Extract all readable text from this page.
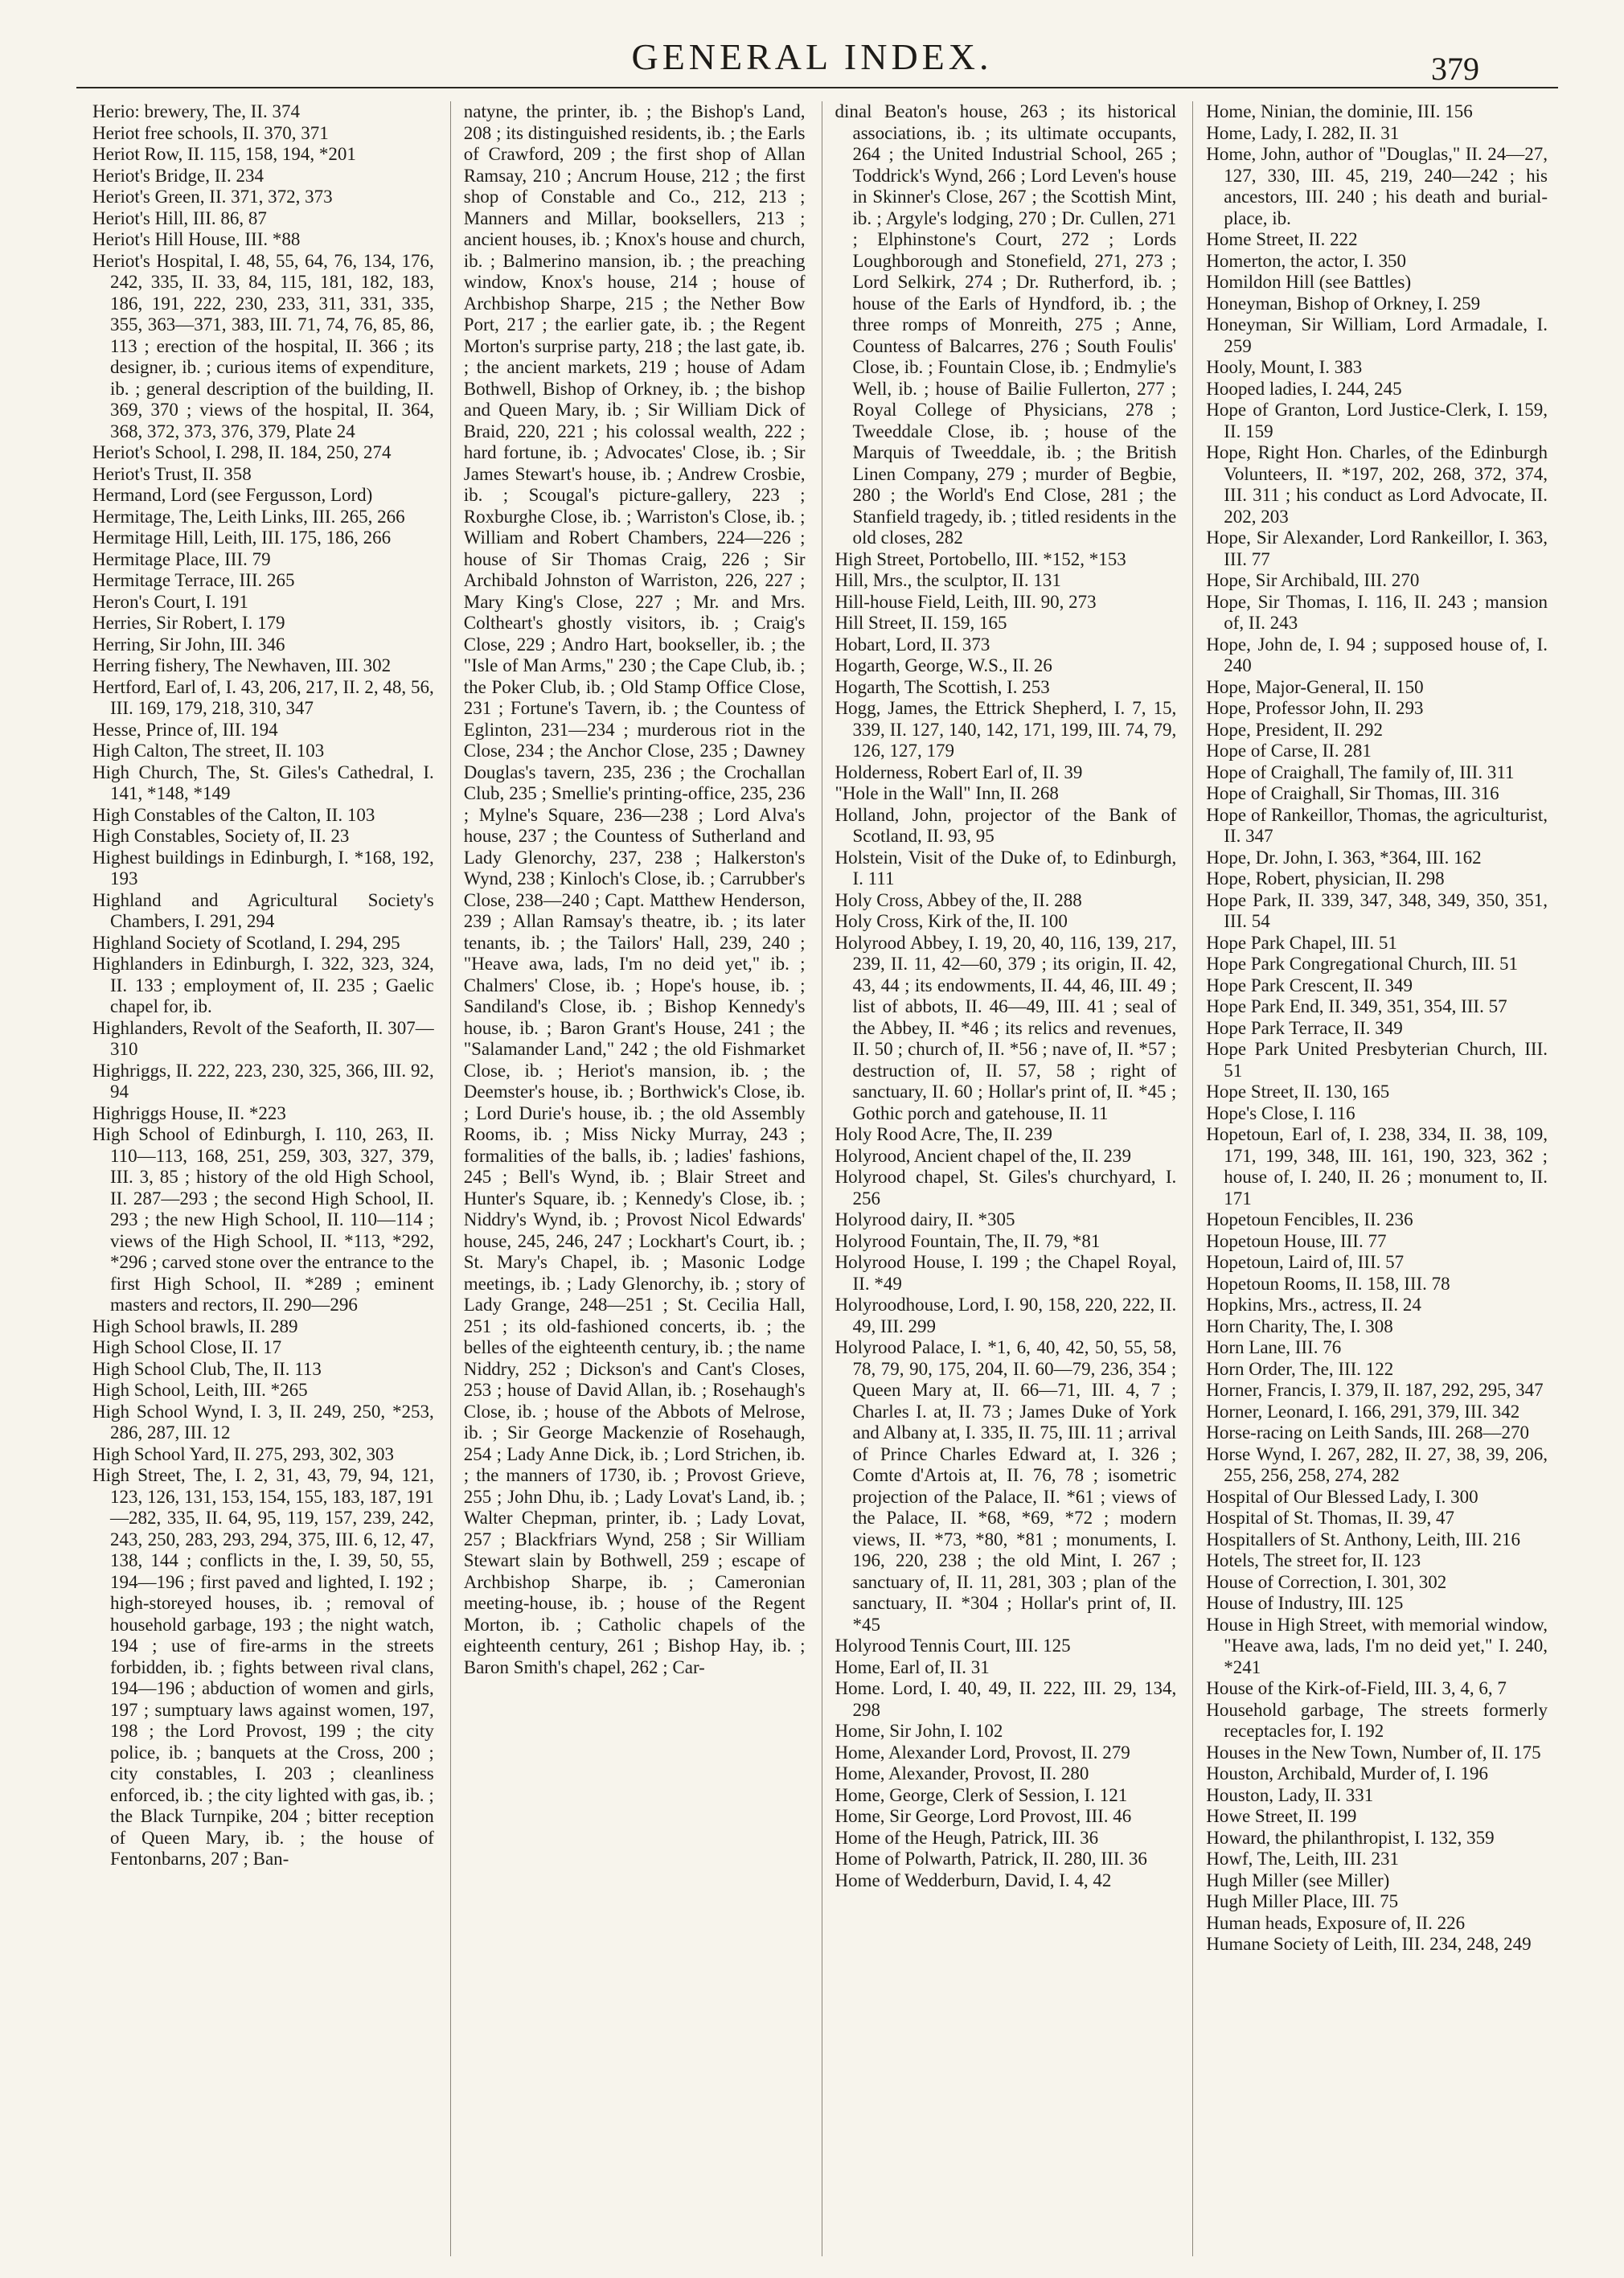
GENERAL INDEX.	379

Herio: brewery, The, II. 374

Heriot free schools, II. 370, 371

Heriot Row, II. 115, 158, 194, *201

Heriot's Bridge, II. 234

Heriot's Green, II. 371, 372, 373

Heriot's Hill, III. 86, 87

Heriot's Hill House, III. *88

Heriot's Hospital, I. 48, 55, 64, 76, 134, 176, 242, 335, II. 33, 84, 115, 181, 182, 183, 186, 191, 222, 230, 233, 311, 331, 335, 355, 363—371, 383, III. 71, 74, 76, 85, 86, 113 ; erection of the hospital, II. 366 ; its designer, ib. ; curious items of expenditure, ib. ; general description of the building, II. 369, 370 ; views of the hospital, II. 364, 368, 372, 373, 376, 379, Plate 24

Heriot's School, I. 298, II. 184, 250, 274

Heriot's Trust, II. 358

Hermand, Lord (see Fergusson, Lord)

Hermitage, The, Leith Links, III. 265, 266

Hermitage Hill, Leith, III. 175, 186, 266

Hermitage Place, III. 79

Hermitage Terrace, III. 265

Heron's Court, I. 191

Herries, Sir Robert, I. 179

Herring, Sir John, III. 346

Herring fishery, The Newhaven, III. 302

Hertford, Earl of, I. 43, 206, 217, II. 2, 48, 56, III. 169, 179, 218, 310, 347

Hesse, Prince of, III. 194

High Calton, The street, II. 103

High Church, The, St. Giles's Cathedral, I. 141, *148, *149

High Constables of the Calton, II. 103

High Constables, Society of, II. 23

Highest buildings in Edinburgh, I. *168, 192, 193

Highland and Agricultural Society's Chambers, I. 291, 294

Highland Society of Scotland, I. 294, 295

Highlanders in Edinburgh, I. 322, 323, 324, II. 133 ; employment of, II. 235 ; Gaelic chapel for, ib.

Highlanders, Revolt of the Seaforth, II. 307—310

Highriggs, II. 222, 223, 230, 325, 366, III. 92, 94

Highriggs House, II. *223

High School of Edinburgh, I. 110, 263, II. 110—113, 168, 251, 259, 303, 327, 379, III. 3, 85 ; history of the old High School, II. 287—293 ; the second High School, II. 293 ; the new High School, II. 110—114 ; views of the High School, II. *113, *292, *296 ; carved stone over the entrance to the first High School, II. *289 ; eminent masters and rectors, II. 290—296

High School brawls, II. 289

High School Close, II. 17

High School Club, The, II. 113

High School, Leith, III. *265

High School Wynd, I. 3, II. 249, 250, *253, 286, 287, III. 12

High School Yard, II. 275, 293, 302, 303

High Street, The, I. 2, 31, 43, 79, 94, 121, 123, 126, 131, 153, 154, 155, 183, 187, 191—282, 335, II. 64, 95, 119, 157, 239, 242, 243, 250, 283, 293, 294, 375, III. 6, 12, 47, 138, 144 ; conflicts in the, I. 39, 50, 55, 194—196 ; first paved and lighted, I. 192 ; high-storeyed houses, ib. ; removal of household garbage, 193 ; the night watch, 194 ; use of fire-arms in the streets forbidden, ib. ; fights between rival clans, 194—196 ; abduction of women and girls, 197 ; sumptuary laws against women, 197, 198 ; the Lord Provost, 199 ; the city police, ib. ; banquets at the Cross, 200 ; city constables, I. 203 ; cleanliness enforced, ib. ; the city lighted with gas, ib. ; the Black Turnpike, 204 ; bitter reception of Queen Mary, ib. ; the house of Fentonbarns, 207 ; Ban-

natyne, the printer, ib. ; the Bishop's Land, 208 ; its distinguished residents, ib. ; the Earls of Crawford, 209 ; the first shop of Allan Ramsay, 210 ; Ancrum House, 212 ; the first shop of Constable and Co., 212, 213 ; Manners and Millar, booksellers, 213 ; ancient houses, ib. ; Knox's house and church, ib. ; Balmerino mansion, ib. ; the preaching window, Knox's house, 214 ; house of Archbishop Sharpe, 215 ; the Nether Bow Port, 217 ; the earlier gate, ib. ; the Regent Morton's surprise party, 218 ; the last gate, ib. ; the ancient markets, 219 ; house of Adam Bothwell, Bishop of Orkney, ib. ; the bishop and Queen Mary, ib. ; Sir William Dick of Braid, 220, 221 ; his colossal wealth, 222 ; hard fortune, ib. ; Advocates' Close, ib. ; Sir James Stewart's house, ib. ; Andrew Crosbie, ib. ; Scougal's picture-gallery, 223 ; Roxburghe Close, ib. ; Warriston's Close, ib. ; William and Robert Chambers, 224—226 ; house of Sir Thomas Craig, 226 ; Sir Archibald Johnston of Warriston, 226, 227 ; Mary King's Close, 227 ; Mr. and Mrs. Coltheart's ghostly visitors, ib. ; Craig's Close, 229 ; Andro Hart, bookseller, ib. ; the "Isle of Man Arms," 230 ; the Cape Club, ib. ; the Poker Club, ib. ; Old Stamp Office Close, 231 ; Fortune's Tavern, ib. ; the Countess of Eglinton, 231—234 ; murderous riot in the Close, 234 ; the Anchor Close, 235 ; Dawney Douglas's tavern, 235, 236 ; the Crochallan Club, 235 ; Smellie's printing-office, 235, 236 ; Mylne's Square, 236—238 ; Lord Alva's house, 237 ; the Countess of Sutherland and Lady Glenorchy, 237, 238 ; Halkerston's Wynd, 238 ; Kinloch's Close, ib. ; Carrubber's Close, 238—240 ; Capt. Matthew Henderson, 239 ; Allan Ramsay's theatre, ib. ; its later tenants, ib. ; the Tailors' Hall, 239, 240 ; "Heave awa, lads, I'm no deid yet," ib. ; Chalmers' Close, ib. ; Hope's house, ib. ; Sandiland's Close, ib. ; Bishop Kennedy's house, ib. ; Baron Grant's House, 241 ; the "Salamander Land," 242 ; the old Fishmarket Close, ib. ; Heriot's mansion, ib. ; the Deemster's house, ib. ; Borthwick's Close, ib. ; Lord Durie's house, ib. ; the old Assembly Rooms, ib. ; Miss Nicky Murray, 243 ; formalities of the balls, ib. ; ladies' fashions, 245 ; Bell's Wynd, ib. ; Blair Street and Hunter's Square, ib. ; Kennedy's Close, ib. ; Niddry's Wynd, ib. ; Provost Nicol Edwards' house, 245, 246, 247 ; Lockhart's Court, ib. ; St. Mary's Chapel, ib. ; Masonic Lodge meetings, ib. ; Lady Glenorchy, ib. ; story of Lady Grange, 248—251 ; St. Cecilia Hall, 251 ; its old-fashioned concerts, ib. ; the belles of the eighteenth century, ib. ; the name Niddry, 252 ; Dickson's and Cant's Closes, 253 ; house of David Allan, ib. ; Rosehaugh's Close, ib. ; house of the Abbots of Melrose, ib. ; Sir George Mackenzie of Rosehaugh, 254 ; Lady Anne Dick, ib. ; Lord Strichen, ib. ; the manners of 1730, ib. ; Provost Grieve, 255 ; John Dhu, ib. ; Lady Lovat's Land, ib. ; Walter Chepman, printer, ib. ; Lady Lovat, 257 ; Blackfriars Wynd, 258 ; Sir William Stewart slain by Bothwell, 259 ; escape of Archbishop Sharpe, ib. ; Cameronian meeting-house, ib. ; house of the Regent Morton, ib. ; Catholic chapels of the eighteenth century, 261 ; Bishop Hay, ib. ; Baron Smith's chapel, 262 ; Car-

dinal Beaton's house, 263 ; its historical associations, ib. ; its ultimate occupants, 264 ; the United Industrial School, 265 ; Toddrick's Wynd, 266 ; Lord Leven's house in Skinner's Close, 267 ; the Scottish Mint, ib. ; Argyle's lodging, 270 ; Dr. Cullen, 271 ; Elphinstone's Court, 272 ; Lords Loughborough and Stonefield, 271, 273 ; Lord Selkirk, 274 ; Dr. Rutherford, ib. ; house of the Earls of Hyndford, ib. ; the three romps of Monreith, 275 ; Anne, Countess of Balcarres, 276 ; South Foulis' Close, ib. ; Fountain Close, ib. ; Endmylie's Well, ib. ; house of Bailie Fullerton, 277 ; Royal College of Physicians, 278 ; Tweeddale Close, ib. ; house of the Marquis of Tweeddale, ib. ; the British Linen Company, 279 ; murder of Begbie, 280 ; the World's End Close, 281 ; the Stanfield tragedy, ib. ; titled residents in the old closes, 282

High Street, Portobello, III. *152, *153

Hill, Mrs., the sculptor, II. 131

Hill-house Field, Leith, III. 90, 273

Hill Street, II. 159, 165

Hobart, Lord, II. 373

Hogarth, George, W.S., II. 26

Hogarth, The Scottish, I. 253

Hogg, James, the Ettrick Shepherd, I. 7, 15, 339, II. 127, 140, 142, 171, 199, III. 74, 79, 126, 127, 179

Holderness, Robert Earl of, II. 39

"Hole in the Wall" Inn, II. 268

Holland, John, projector of the Bank of Scotland, II. 93, 95

Holstein, Visit of the Duke of, to Edinburgh, I. 111

Holy Cross, Abbey of the, II. 288

Holy Cross, Kirk of the, II. 100

Holyrood Abbey, I. 19, 20, 40, 116, 139, 217, 239, II. 11, 42—60, 379 ; its origin, II. 42, 43, 44 ; its endowments, II. 44, 46, III. 49 ; list of abbots, II. 46—49, III. 41 ; seal of the Abbey, II. *46 ; its relics and revenues, II. 50 ; church of, II. *56 ; nave of, II. *57 ; destruction of, II. 57, 58 ; right of sanctuary, II. 60 ; Hollar's print of, II. *45 ; Gothic porch and gatehouse, II. 11

Holy Rood Acre, The, II. 239

Holyrood, Ancient chapel of the, II. 239

Holyrood chapel, St. Giles's churchyard, I. 256

Holyrood dairy, II. *305

Holyrood Fountain, The, II. 79, *81

Holyrood House, I. 199 ; the Chapel Royal, II. *49

Holyroodhouse, Lord, I. 90, 158, 220, 222, II. 49, III. 299

Holyrood Palace, I. *1, 6, 40, 42, 50, 55, 58, 78, 79, 90, 175, 204, II. 60—79, 236, 354 ; Queen Mary at, II. 66—71, III. 4, 7 ; Charles I. at, II. 73 ; James Duke of York and Albany at, I. 335, II. 75, III. 11 ; arrival of Prince Charles Edward at, I. 326 ; Comte d'Artois at, II. 76, 78 ; isometric projection of the Palace, II. *61 ; views of the Palace, II. *68, *69, *72 ; modern views, II. *73, *80, *81 ; monuments, I. 196, 220, 238 ; the old Mint, I. 267 ; sanctuary of, II. 11, 281, 303 ; plan of the sanctuary, II. *304 ; Hollar's print of, II. *45

Holyrood Tennis Court, III. 125

Home, Earl of, II. 31

Home. Lord, I. 40, 49, II. 222, III. 29, 134, 298

Home, Sir John, I. 102

Home, Alexander Lord, Provost, II. 279

Home, Alexander, Provost, II. 280

Home, George, Clerk of Session, I. 121

Home, Sir George, Lord Provost, III. 46

Home of the Heugh, Patrick, III. 36

Home of Polwarth, Patrick, II. 280, III. 36

Home of Wedderburn, David, I. 4, 42

Home, Ninian, the dominie, III. 156

Home, Lady, I. 282, II. 31

Home, John, author of "Douglas," II. 24—27, 127, 330, III. 45, 219, 240—242 ; his ancestors, III. 240 ; his death and burial-place, ib.

Home Street, II. 222

Homerton, the actor, I. 350

Homildon Hill (see Battles)

Honeyman, Bishop of Orkney, I. 259

Honeyman, Sir William, Lord Armadale, I. 259

Hooly, Mount, I. 383

Hooped ladies, I. 244, 245

Hope of Granton, Lord Justice-Clerk, I. 159, II. 159

Hope, Right Hon. Charles, of the Edinburgh Volunteers, II. *197, 202, 268, 372, 374, III. 311 ; his conduct as Lord Advocate, II. 202, 203

Hope, Sir Alexander, Lord Rankeillor, I. 363, III. 77

Hope, Sir Archibald, III. 270

Hope, Sir Thomas, I. 116, II. 243 ; mansion of, II. 243

Hope, John de, I. 94 ; supposed house of, I. 240

Hope, Major-General, II. 150

Hope, Professor John, II. 293

Hope, President, II. 292

Hope of Carse, II. 281

Hope of Craighall, The family of, III. 311

Hope of Craighall, Sir Thomas, III. 316

Hope of Rankeillor, Thomas, the agriculturist, II. 347

Hope, Dr. John, I. 363, *364, III. 162

Hope, Robert, physician, II. 298

Hope Park, II. 339, 347, 348, 349, 350, 351, III. 54

Hope Park Chapel, III. 51

Hope Park Congregational Church, III. 51

Hope Park Crescent, II. 349

Hope Park End, II. 349, 351, 354, III. 57

Hope Park Terrace, II. 349

Hope Park United Presbyterian Church, III. 51

Hope Street, II. 130, 165

Hope's Close, I. 116

Hopetoun, Earl of, I. 238, 334, II. 38, 109, 171, 199, 348, III. 161, 190, 323, 362 ; house of, I. 240, II. 26 ; monument to, II. 171

Hopetoun Fencibles, II. 236

Hopetoun House, III. 77

Hopetoun, Laird of, III. 57

Hopetoun Rooms, II. 158, III. 78

Hopkins, Mrs., actress, II. 24

Horn Charity, The, I. 308

Horn Lane, III. 76

Horn Order, The, III. 122

Horner, Francis, I. 379, II. 187, 292, 295, 347

Horner, Leonard, I. 166, 291, 379, III. 342

Horse-racing on Leith Sands, III. 268—270

Horse Wynd, I. 267, 282, II. 27, 38, 39, 206, 255, 256, 258, 274, 282

Hospital of Our Blessed Lady, I. 300

Hospital of St. Thomas, II. 39, 47

Hospitallers of St. Anthony, Leith, III. 216

Hotels, The street for, II. 123

House of Correction, I. 301, 302

House of Industry, III. 125

House in High Street, with memorial window, "Heave awa, lads, I'm no deid yet," I. 240, *241

House of the Kirk-of-Field, III. 3, 4, 6, 7

Household garbage, The streets formerly receptacles for, I. 192

Houses in the New Town, Number of, II. 175

Houston, Archibald, Murder of, I. 196

Houston, Lady, II. 331

Howe Street, II. 199

Howard, the philanthropist, I. 132, 359

Howf, The, Leith, III. 231

Hugh Miller (see Miller)

Hugh Miller Place, III. 75

Human heads, Exposure of, II. 226

Humane Society of Leith, III. 234, 248, 249
